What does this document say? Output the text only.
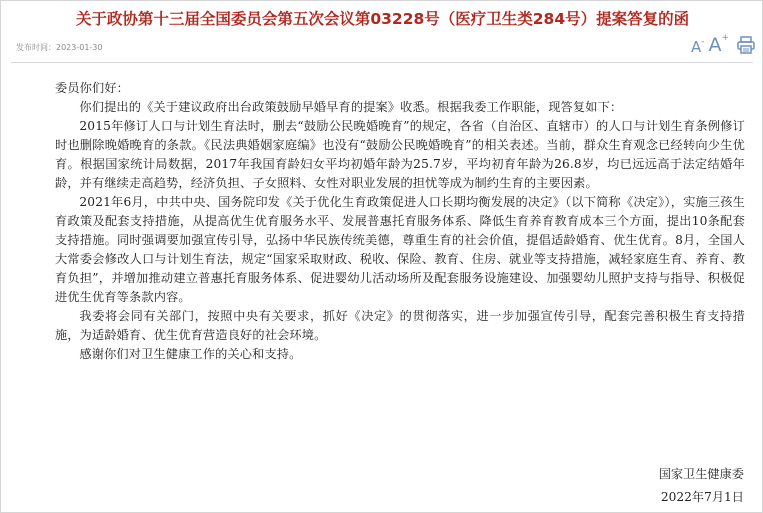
关于政协第十三届全国委员会第五次会议第03228号（医疗卫生类284号）提案答复的函
发布时间：2023-01-30	A- A+

委员你们好：

你们提出的《关于建议政府出台政策鼓励早婚早育的提案》收悉。根据我委工作职能，现答复如下：

2015年修订人口与计划生育法时，删去“鼓励公民晚婚晚育”的规定，各省（自治区、直辖市）的人口与计划生育条例修订时也删除晚婚晚育的条款。《民法典婚姻家庭编》也没有“鼓励公民晚婚晚育”的相关表述。当前，群众生育观念已经转向少生优育。根据国家统计局数据，2017年我国育龄妇女平均初婚年龄为25.7岁，平均初育年龄为26.8岁，均已远远高于法定结婚年龄，并有继续走高趋势，经济负担、子女照料、女性对职业发展的担忧等成为制约生育的主要因素。

2021年6月，中共中央、国务院印发《关于优化生育政策促进人口长期均衡发展的决定》（以下简称《决定》），实施三孩生育政策及配套支持措施，从提高优生优育服务水平、发展普惠托育服务体系、降低生育养育教育成本三个方面，提出10条配套支持措施。同时强调要加强宣传引导，弘扬中华民族传统美德，尊重生育的社会价值，提倡适龄婚育、优生优育。8月，全国人大常委会修改人口与计划生育法，规定“国家采取财政、税收、保险、教育、住房、就业等支持措施，减轻家庭生育、养育、教育负担”，并增加推动建立普惠托育服务体系、促进婴幼儿活动场所及配套服务设施建设、加强婴幼儿照护支持与指导、积极促进优生优育等条款内容。

我委将会同有关部门，按照中央有关要求，抓好《决定》的贯彻落实，进一步加强宣传引导，配套完善积极生育支持措施，为适龄婚育、优生优育营造良好的社会环境。

感谢你们对卫生健康工作的关心和支持。

国家卫生健康委
2022年7月1日
